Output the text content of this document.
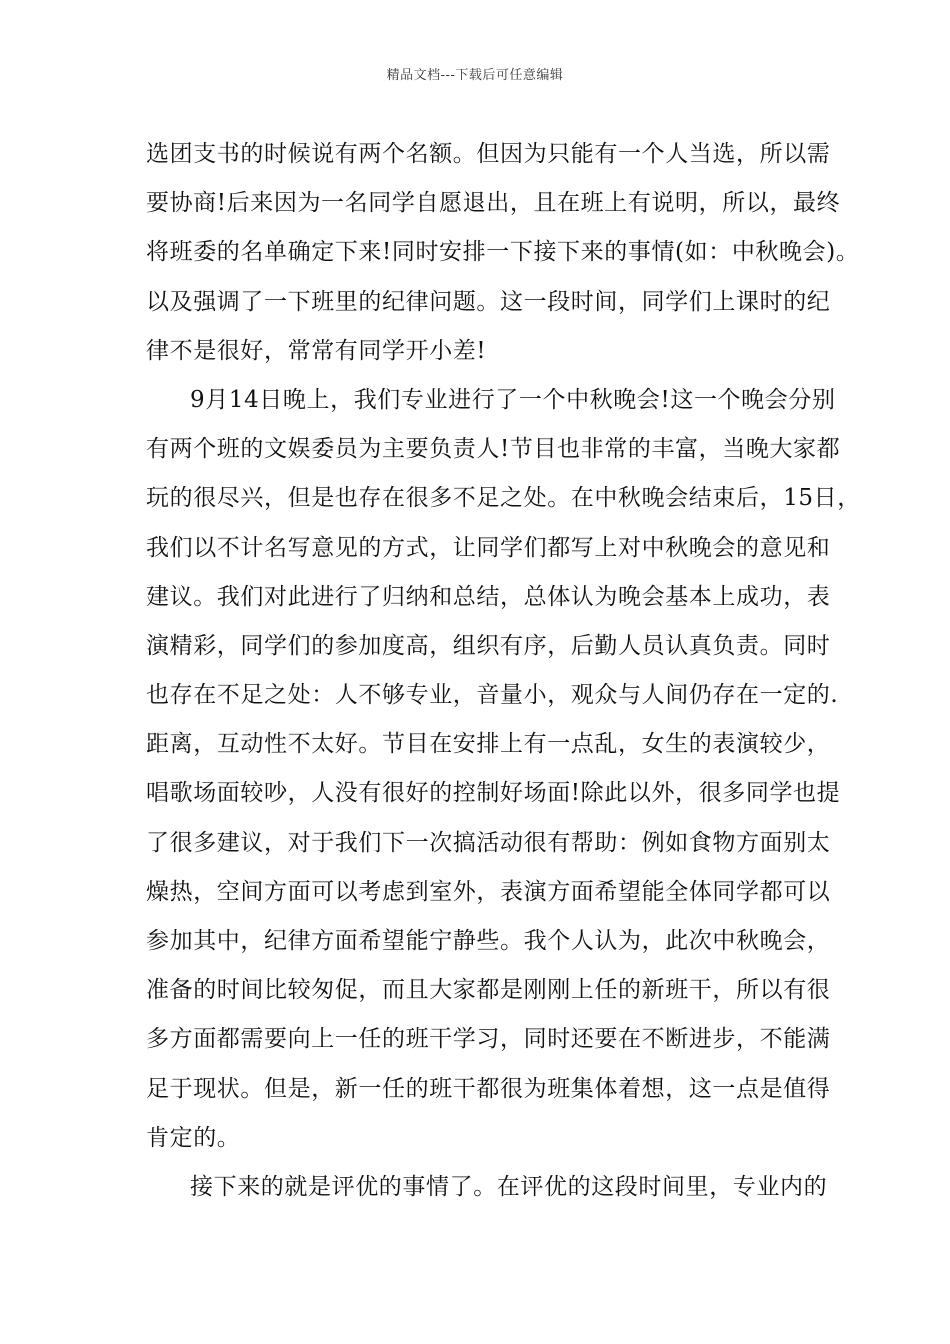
精品文档---下载后可任意编辑
选团支书的时候说有两个名额。但因为只能有一个人当选，所以需
要协商!后来因为一名同学自愿退出，且在班上有说明，所以，最终
将班委的名单确定下来!同时安排一下接下来的事情(如：中秋晚会)。
以及强调了一下班里的纪律问题。这一段时间，同学们上课时的纪
律不是很好，常常有同学开小差!
9月14日晚上，我们专业进行了一个中秋晚会!这一个晚会分别
有两个班的文娱委员为主要负责人!节目也非常的丰富，当晚大家都
玩的很尽兴，但是也存在很多不足之处。在中秋晚会结束后，15日，
我们以不计名写意见的方式，让同学们都写上对中秋晚会的意见和
建议。我们对此进行了归纳和总结，总体认为晚会基本上成功，表
演精彩，同学们的参加度高，组织有序，后勤人员认真负责。同时
也存在不足之处：人不够专业，音量小，观众与人间仍存在一定的.
距离，互动性不太好。节目在安排上有一点乱，女生的表演较少，
唱歌场面较吵，人没有很好的控制好场面!除此以外，很多同学也提
了很多建议，对于我们下一次搞活动很有帮助：例如食物方面别太
燥热，空间方面可以考虑到室外，表演方面希望能全体同学都可以
参加其中，纪律方面希望能宁静些。我个人认为，此次中秋晚会，
准备的时间比较匆促，而且大家都是刚刚上任的新班干，所以有很
多方面都需要向上一任的班干学习，同时还要在不断进步，不能满
足于现状。但是，新一任的班干都很为班集体着想，这一点是值得
肯定的。
接下来的就是评优的事情了。在评优的这段时间里，专业内的
